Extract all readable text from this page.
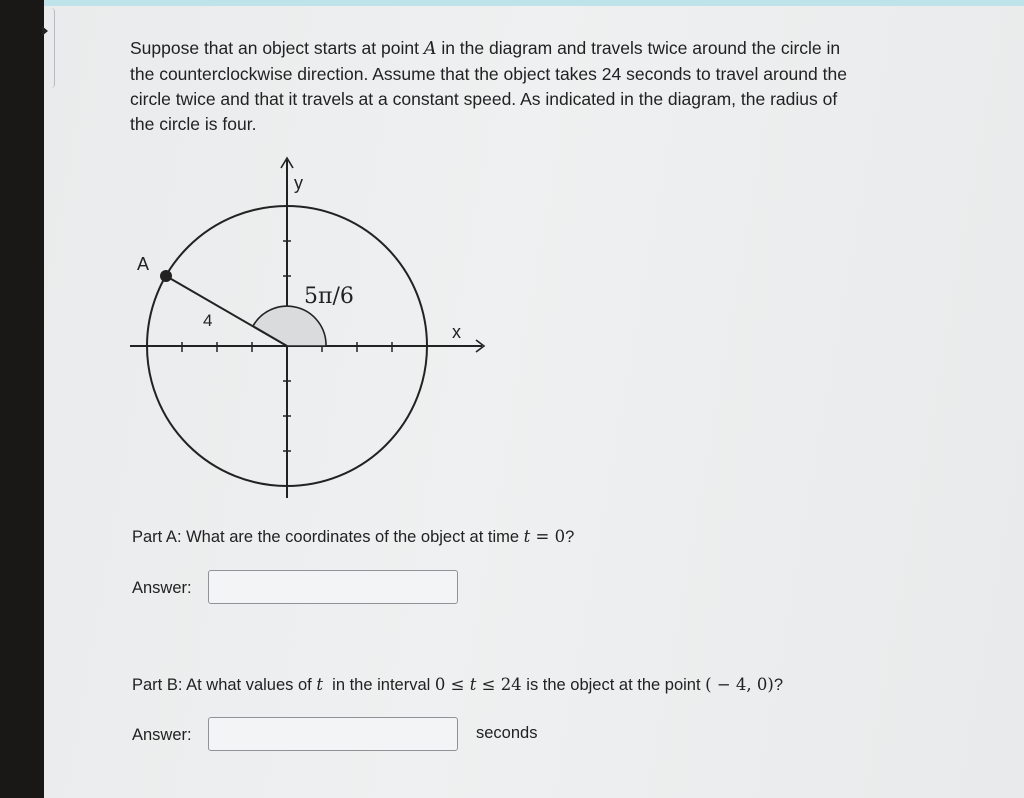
Suppose that an object starts at point A in the diagram and travels twice around the circle in
the counterclockwise direction. Assume that the object takes 24 seconds to travel around the
circle twice and that it travels at a constant speed. As indicated in the diagram, the radius of
the circle is four.
y
x
A
4
5π/6
Part A: What are the coordinates of the object at time t = 0?
Answer:
Part B: At what values of t  in the interval 0 ≤ t ≤ 24 is the object at the point ( − 4, 0)?
Answer:	seconds
